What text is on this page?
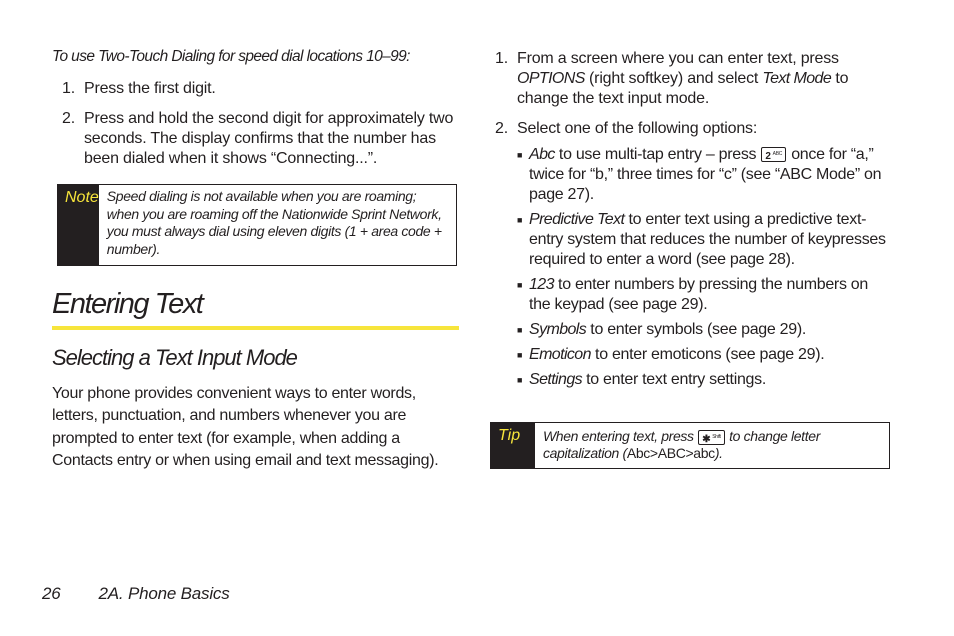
To use Two-Touch Dialing for speed dial locations 10–99:
1. Press the first digit.
2. Press and hold the second digit for approximately two seconds. The display confirms that the number has been dialed when it shows “Connecting...”.
Note Speed dialing is not available when you are roaming; when you are roaming off the Nationwide Sprint Network, you must always dial using eleven digits (1 + area code + number).
Entering Text
Selecting a Text Input Mode

Your phone provides convenient ways to enter words, letters, punctuation, and numbers whenever you are prompted to enter text (for example, when adding a Contacts entry or when using email and text messaging).

1. From a screen where you can enter text, press OPTIONS (right softkey) and select Text Mode to change the text input mode.
2. Select one of the following options:
■ Abc to use multi-tap entry – press 2 $^{ABC}$ once for “a,” twice for “b,” three times for “c” (see “ABC Mode” on page 27).
■ Predictive Text to enter text using a predictive text-entry system that reduces the number of keypresses required to enter a word (see page 28).
■ 123 to enter numbers by pressing the numbers on the keypad (see page 29).
■ Symbols to enter symbols (see page 29).
■ Emoticon to enter emoticons (see page 29).
■ Settings to enter text entry settings.
Tip	When entering text, press ✱ $^{Shift}$ to change letter capitalization (Abc>ABC>abc).
26 2A. Phone Basics
